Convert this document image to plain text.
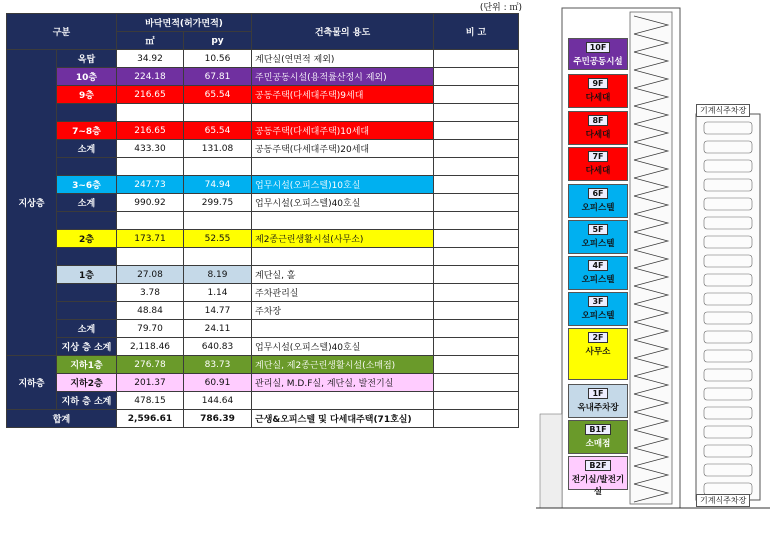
(단위 : ㎡)
구분		바닥면적(허가면적)		건축물의 용도	비 고
		㎡	py		
지상층	옥탑	34.92	10.56	계단실(연면적 제외)	
	10층	224.18	67.81	주민공동시설(용적률산정시 제외)	
	9층	216.65	65.54	공동주택(다세대주택)9세대	

	7~8층	216.65	65.54	공동주택(다세대주택)10세대	
	소계	433.30	131.08	공동주택(다세대주택)20세대	

	3~6층	247.73	74.94	업무시설(오피스텔)10호실	
	소계	990.92	299.75	업무시설(오피스텔)40호실	

	2층	173.71	52.55	제2종근린생활시설(사무소)	

	1층	27.08	8.19	계단실, 홀	
		3.78	1.14	주차관리실	
		48.84	14.77	주차장	
	소계	79.70	24.11		
	지상 층 소계	2,118.46	640.83	업무시설(오피스텔)40호실	
지하층	지하1층	276.78	83.73	계단실, 제2종근린생활시설(소매점)	
	지하2층	201.37	60.91	관리실, M.D.F실, 계단실, 발전기실	
	지하 층 소계	478.15	144.64		
합계		2,596.61	786.39	근생&오피스텔 및 다세대주택(71호실)	
기계식주차장
기계식주차장
10F
주민공동시설
9F
다세대
8F
다세대
7F
다세대
6F
오피스텔
5F
오피스텔
4F
오피스텔
3F
오피스텔
2F
사무소
1F
옥내주차장
B1F
소매점
B2F
전기실/발전기실
